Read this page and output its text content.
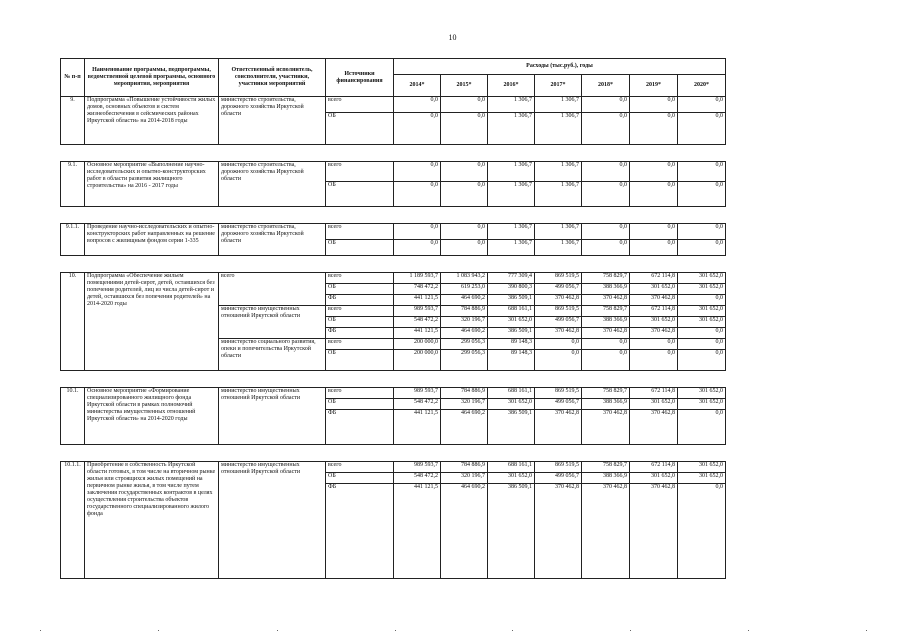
10
№ п-п	Наименование программы, подпрограммы, ведомственной целевой программы, основного мероприятия, мероприятия	Ответственный исполнитель, соисполнители, участники, участники мероприятий	Источники финансирования	Расходы (тыс.руб.), годы						
				2014*	2015*	2016*	2017*	2018*	2019*	2020*
9.	Подпрограмма «Повышение устойчивости жилых домов, основных объектов и систем жизнеобеспечения в сейсмических районах Иркутской области» на 2014-2018 годы	министерство строительства, дорожного хозяйства Иркутской области	всего	0,0	0,0	1 306,7	1 306,7	0,0	0,0	0,0
			ОБ	0,0	0,0	1 306,7	1 306,7	0,0	0,0	0,0

9.1.	Основное мероприятие «Выполнение научно-исследовательских и опытно-конструкторских работ в области развития жилищного строительства» на 2016 - 2017 годы	министерство строительства, дорожного хозяйства Иркутской области	всего	0,0	0,0	1 306,7	1 306,7	0,0	0,0	0,0
			ОБ	0,0	0,0	1 306,7	1 306,7	0,0	0,0	0,0

9.1.1.	Проведение научно-исследовательских и опытно-конструкторских работ направленных на решение вопросов с жилищным фондом серии 1-335	министерство строительства, дорожного хозяйства Иркутской области	всего	0,0	0,0	1 306,7	1 306,7	0,0	0,0	0,0
			ОБ	0,0	0,0	1 306,7	1 306,7	0,0	0,0	0,0

10.	Подпрограмма «Обеспечение жильем помещениями детей-сирот, детей, оставшихся без попечения родителей, лиц из числа детей-сирот и детей, оставшихся без попечения родителей» на 2014-2020 годы	всего	всего	1 189 593,7	1 083 943,2	777 309,4	869 519,5	758 829,7	672 114,8	301 652,0
			ОБ	748 472,2	619 253,0	390 800,3	499 056,7	388 366,9	301 652,0	301 652,0
			ФБ	441 121,5	464 690,2	386 509,1	370 462,8	370 462,8	370 462,8	0,0
		министерство имущественных отношений Иркутской области	всего	989 593,7	784 886,9	688 161,1	869 519,5	758 829,7	672 114,8	301 652,0
			ОБ	548 472,2	320 196,7	301 652,0	499 056,7	388 366,9	301 652,0	301 652,0
			ФБ	441 121,5	464 690,2	386 509,1	370 462,8	370 462,8	370 462,8	0,0
		министерство социального развития, опеки и попечительства Иркутской области	всего	200 000,0	299 056,3	89 148,3	0,0	0,0	0,0	0,0
			ОБ	200 000,0	299 056,3	89 148,3	0,0	0,0	0,0	0,0

10.1.	Основное мероприятие «Формирование специализированного жилищного фонда Иркутской области в рамках полномочий министерства имущественных отношений Иркутской области» на 2014-2020 годы	министерство имущественных отношений Иркутской области	всего	989 593,7	784 886,9	688 161,1	869 519,5	758 829,7	672 114,8	301 652,0
			ОБ	548 472,2	320 196,7	301 652,0	499 056,7	388 366,9	301 652,0	301 652,0
			ФБ	441 121,5	464 690,2	386 509,1	370 462,8	370 462,8	370 462,8	0,0

10.1.1.	Приобретение в собственность Иркутской области готовых, в том числе на вторичном рынке жилья или строящихся жилых помещений на первичном рынке жилья, в том числе путем заключения государственных контрактов в целях осуществления строительства объектов государственного специализированного жилого фонда	министерство имущественных отношений Иркутской области	всего	989 593,7	784 886,9	688 161,1	869 519,5	758 829,7	672 114,8	301 652,0
			ОБ	548 472,2	320 196,7	301 652,0	499 056,7	388 366,9	301 652,0	301 652,0
			ФБ	441 121,5	464 690,2	386 509,1	370 462,8	370 462,8	370 462,8	0,0
